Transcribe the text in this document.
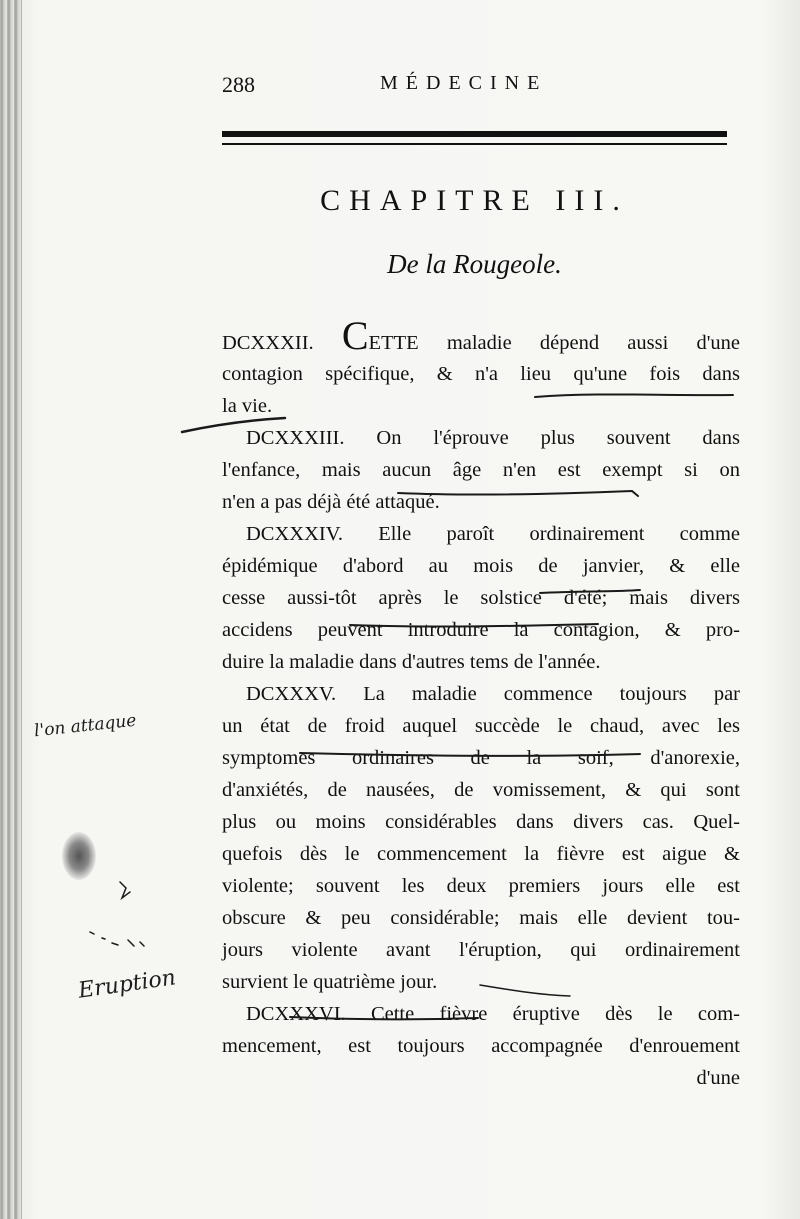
288	MÉDECINE
CHAPITRE III.
De la Rougeole.
DCXXXII. CETTE maladie dépend aussi d'une
contagion spécifique, & n'a lieu qu'une fois dans
la vie.
DCXXXIII. On l'éprouve plus souvent dans
l'enfance, mais aucun âge n'en est exempt si on
n'en a pas déjà été attaqué.
DCXXXIV. Elle paroît ordinairement comme
épidémique d'abord au mois de janvier, & elle
cesse aussi-tôt après le solstice d'été; mais divers
accidens peuvent introduire la contagion, & pro-
duire la maladie dans d'autres tems de l'année.
DCXXXV. La maladie commence toujours par
un état de froid auquel succède le chaud, avec les
symptomes ordinaires de la soif, d'anorexie,
d'anxiétés, de nausées, de vomissement, & qui sont
plus ou moins considérables dans divers cas. Quel-
quefois dès le commencement la fièvre est aigue &
violente; souvent les deux premiers jours elle est
obscure & peu considérable; mais elle devient tou-
jours violente avant l'éruption, qui ordinairement
survient le quatrième jour.
DCXXXVI. Cette fièvre éruptive dès le com-
mencement, est toujours accompagnée d'enrouement
d'une
l'on attaque
Eruption
